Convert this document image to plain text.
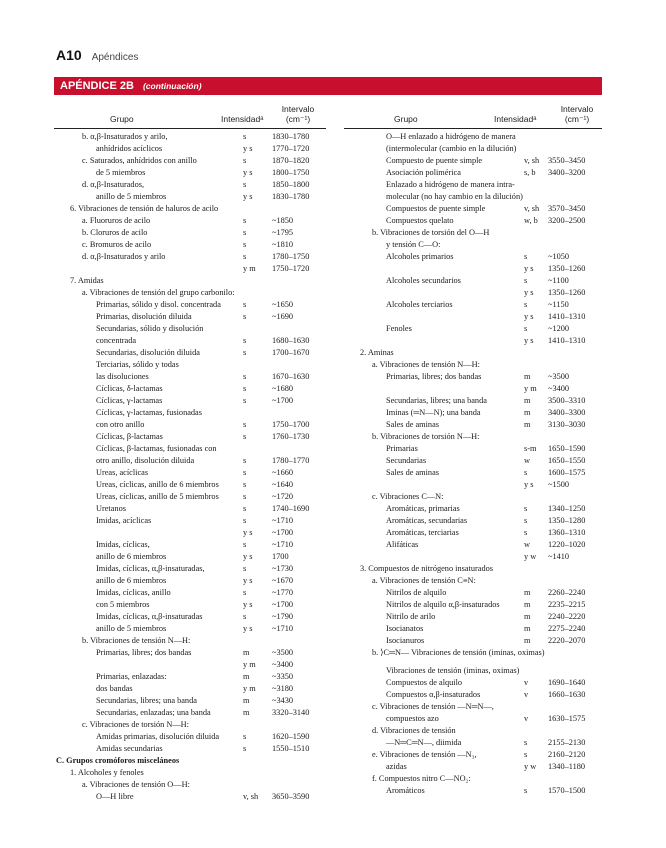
A10 Apéndices
APÉNDICE 2B (continuación)
Grupo	Intensidadᵃ
Intervalo
(cm⁻¹)	Grupo	Intensidadᵃ
Intervalo
(cm⁻¹)
b. α,β-Insaturados y arilo,	s	1830–1780
anhídridos acíclicos	y s 1770–1720
c. Saturados, anhídridos con anillo	s	1870–1820
de 5 miembros	y s 1800–1750
d. α,β-Insaturados,	s	1850–1800
anillo de 5 miembros	y s 1830–1780
6. Vibraciones de tensión de haluros de acilo
a. Fluoruros de acilo	s	~1850
b. Cloruros de acilo	s	~1795
c. Bromuros de acilo	s	~1810
d. α,β-Insaturados y arilo	s	1780–1750
y m 1750–1720
7. Amidas
a. Vibraciones de tensión del grupo carbonilo:
Primarias, sólido y disol. concentrada	s	~1650
Primarias, disolución diluida	s	~1690
Secundarias, sólido y disolución
concentrada	s	1680–1630
Secundarias, disolución diluida	s	1700–1670
Terciarias, sólido y todas
las disoluciones	s	1670–1630
Cíclicas, δ-lactamas	s	~1680
Cíclicas, γ-lactamas	s	~1700
Cíclicas, γ-lactamas, fusionadas
con otro anillo	s	1750–1700
Cíclicas, β-lactamas	s	1760–1730
Cíclicas, β-lactamas, fusionadas con
otro anillo, disolución diluida	s	1780–1770
Ureas, acíclicas	s	~1660
Ureas, cíclicas, anillo de 6 miembros	s	~1640
Ureas, cíclicas, anillo de 5 miembros	s	~1720
Uretanos	s	1740–1690
Imidas, acíclicas	s	~1710
y s ~1700
Imidas, cíclicas,	s	~1710
anillo de 6 miembros	y s 1700
Imidas, cíclicas, α,β-insaturadas,	s	~1730
anillo de 6 miembros	y s ~1670
Imidas, cíclicas, anillo	s	~1770
con 5 miembros	y s ~1700
Imidas, cíclicas, α,β-insaturadas	s	~1790
anillo de 5 miembros	y s ~1710
b. Vibraciones de tensión N—H:
Primarias, libres; dos bandas	m	~3500
y m ~3400
Primarias, enlazadas:	m	~3350
dos bandas	y m ~3180
Secundarias, libres; una banda	m	~3430
Secundarias, enlazadas; una banda	m	3320–3140
c. Vibraciones de torsión N—H:
Amidas primarias, disolución diluida	s	1620–1590
Amidas secundarias	s	1550–1510
C. Grupos cromóforos misceláneos
1. Alcoholes y fenoles
a. Vibraciones de tensión O—H:
O—H libre	v, sh 3650–3590
O—H enlazado a hidrógeno de manera
(intermolecular (cambio en la dilución)
Compuesto de puente simple	v, sh 3550–3450
Asociación polimérica	s, b 3400–3200
Enlazado a hidrógeno de manera intra-
molecular (no hay cambio en la dilución)
Compuestos de puente simple	v, sh 3570–3450
Compuestos quelato	w, b 3200–2500
b. Vibraciones de torsión del O—H
y tensión C—O:
Alcoholes primarios	s	~1050
y s 1350–1260
Alcoholes secundarios	s	~1100
y s 1350–1260
Alcoholes terciarios	s	~1150
y s 1410–1310
Fenoles	s	~1200
y s 1410–1310
2. Aminas
a. Vibraciones de tensión N—H:
Primarias, libres; dos bandas	m ~3500
y m ~3400
Secundarias, libres; una banda	m 3500–3310
Iminas (═N—N); una banda	m 3400–3300
Sales de aminas	m 3130–3030
b. Vibraciones de torsión N—H:
Primarias	s-m 1650–1590
Secundarias	w 1650–1550
Sales de aminas	s	1600–1575
y s ~1500
c. Vibraciones C—N:
Aromáticas, primarias	s	1340–1250
Aromáticas, secundarias	s	1350–1280
Aromáticas, terciarias	s	1360–1310
Alifáticas	w 1220–1020
y w ~1410
3. Compuestos de nitrógeno insaturados
a. Vibraciones de tensión C≡N:
Nitrilos de alquilo	m 2260–2240
Nitrilos de alquilo α,β-insaturados	m 2235–2215
Nitrilo de arilo	m 2240–2220
Isocianatos	m 2275–2240
Isocianuros	m 2220–2070
b. ⟩C═N— Vibraciones de tensión (iminas, oximas)
Vibraciones de tensión (iminas, oximas)
Compuestos de alquilo	v 1690–1640
Compuestos α,β-insaturados	v 1660–1630
c. Vibraciones de tensión —N═N—,
compuestos azo	v 1630–1575
d. Vibraciones de tensión
—N═C═N—, diimida	s	2155–2130
e. Vibraciones de tensión —N₃,	s	2160–2120
azidas	y w 1340–1180
f. Compuestos nitro C—NO₂:
Aromáticos	s	1570–1500
